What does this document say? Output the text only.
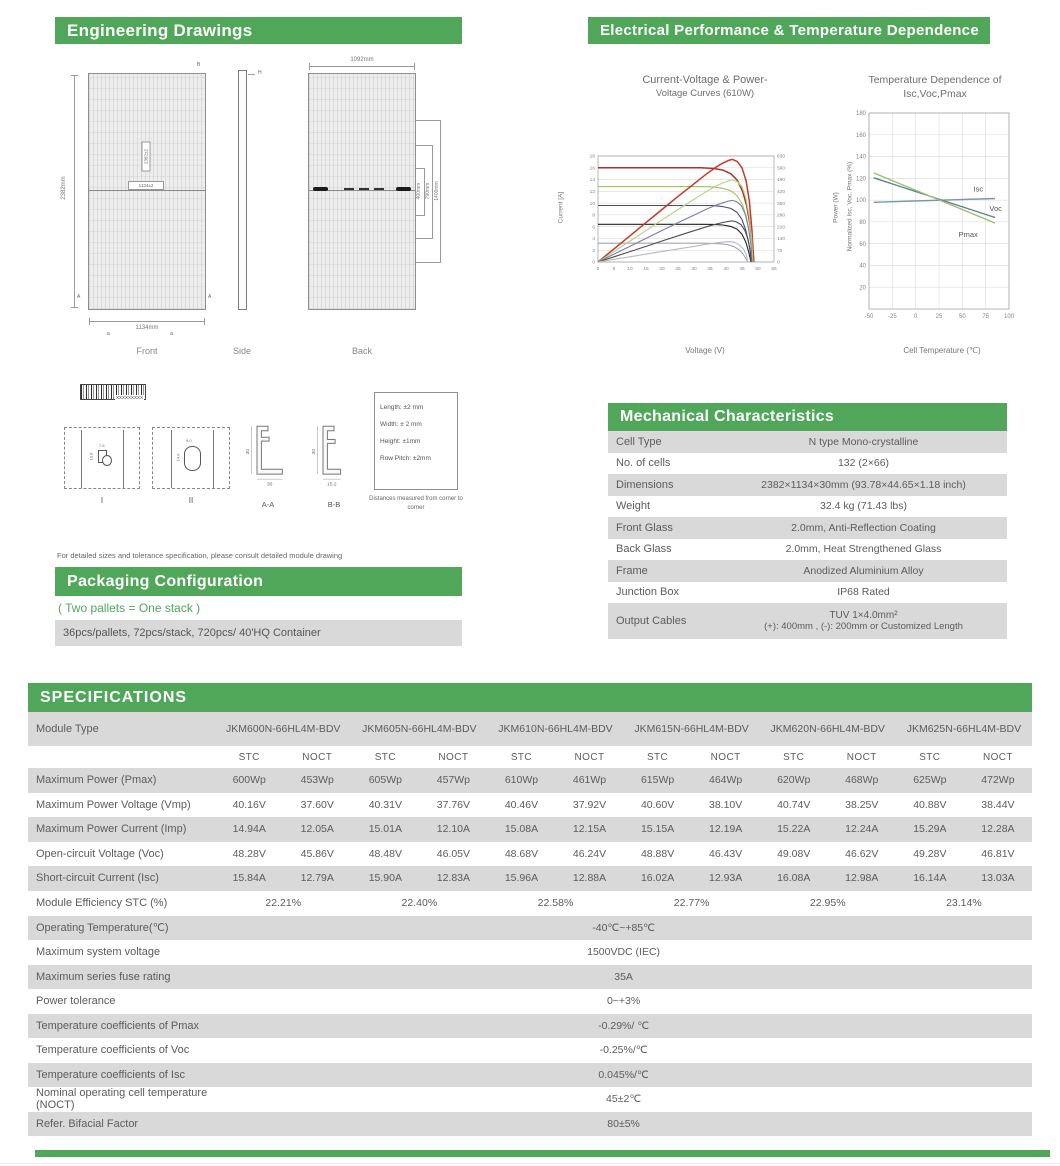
Engineering Drawings
2382±2
1134±2
2382mm
1134mm
B
A	A
a	a
Front
H
Side
1092mm
400mm 790mm 1400mm
Back
XXXXXXXXX
7.6
10.8
I
9.0
14.0
II
30
30
A-A
30
15.2
B-B
Length: ±2 mm
Width: ± 2 mm
Height: ±1mm
Row Pitch: ±2mm
Distances measured from corner to corner
For detailed sizes and tolerance specification, please consult detailed module drawing
Packaging Configuration
( Two pallets = One stack )
36pcs/pallets, 72pcs/stack, 720pcs/ 40'HQ Container
Electrical Performance & Temperature Dependence
Current-Voltage & Power-
Voltage Curves (610W)
Temperature Dependence of
Isc,Voc,Pmax
0
2
4
6
8
10
12
14
16
18
0	5 10 15 20 25 30 35 40 45 50 55
0
70
140
210
280
350
420
490
560
630
Current [A]
Voltage (V)
20
40
60
80
100
120
140
160
180
-50 -25	0	25	50	75 100
Isc
Voc
Pmax
Power (W) Normalized Isc, Voc, Pmax (%)
Cell Temperature (℃)
Mechanical Characteristics
Cell Type	N type Mono-crystalline
No. of cells	132 (2×66)
Dimensions	2382×1134×30mm (93.78×44.65×1.18 inch)
Weight	32.4 kg (71.43 lbs)
Front Glass	2.0mm, Anti-Reflection Coating
Back Glass	2.0mm, Heat Strengthened Glass
Frame	Anodized Aluminium Alloy
Junction Box	IP68 Rated
Output Cables	TUV 1×4.0mm²
(+): 400mm , (-): 200mm or Customized Length
SPECIFICATIONS
Module Type	JKM600N-66HL4M-BDV		JKM605N-66HL4M-BDV		JKM610N-66HL4M-BDV		JKM615N-66HL4M-BDV		JKM620N-66HL4M-BDV		JKM625N-66HL4M-BDV	
	STC	NOCT	STC	NOCT	STC	NOCT	STC	NOCT	STC	NOCT	STC	NOCT
Maximum Power (Pmax)	600Wp	453Wp	605Wp	457Wp	610Wp	461Wp	615Wp	464Wp	620Wp	468Wp	625Wp	472Wp
Maximum Power Voltage (Vmp)	40.16V	37.60V	40.31V	37.76V	40.46V	37.92V	40.60V	38.10V	40.74V	38.25V	40.88V	38.44V
Maximum Power Current (Imp)	14.94A	12.05A	15.01A	12.10A	15.08A	12.15A	15.15A	12.19A	15.22A	12.24A	15.29A	12.28A
Open-circuit Voltage (Voc)	48.28V	45.86V	48.48V	46.05V	48.68V	46.24V	48.88V	46.43V	49.08V	46.62V	49.28V	46.81V
Short-circuit Current (Isc)	15.84A	12.79A	15.90A	12.83A	15.96A	12.88A	16.02A	12.93A	16.08A	12.98A	16.14A	13.03A
Module Efficiency STC (%)	22.21%		22.40%		22.58%		22.77%		22.95%		23.14%	
Operating Temperature(℃)	-40℃~+85℃											
Maximum system voltage	1500VDC (IEC)											
Maximum series fuse rating	35A											
Power tolerance	0~+3%											
Temperature coefficients of Pmax	-0.29%/ ℃											
Temperature coefficients of Voc	-0.25%/℃											
Temperature coefficients of Isc	0.045%/℃											
Nominal operating cell temperature (NOCT)	45±2℃											
Refer. Bifacial Factor	80±5%											
